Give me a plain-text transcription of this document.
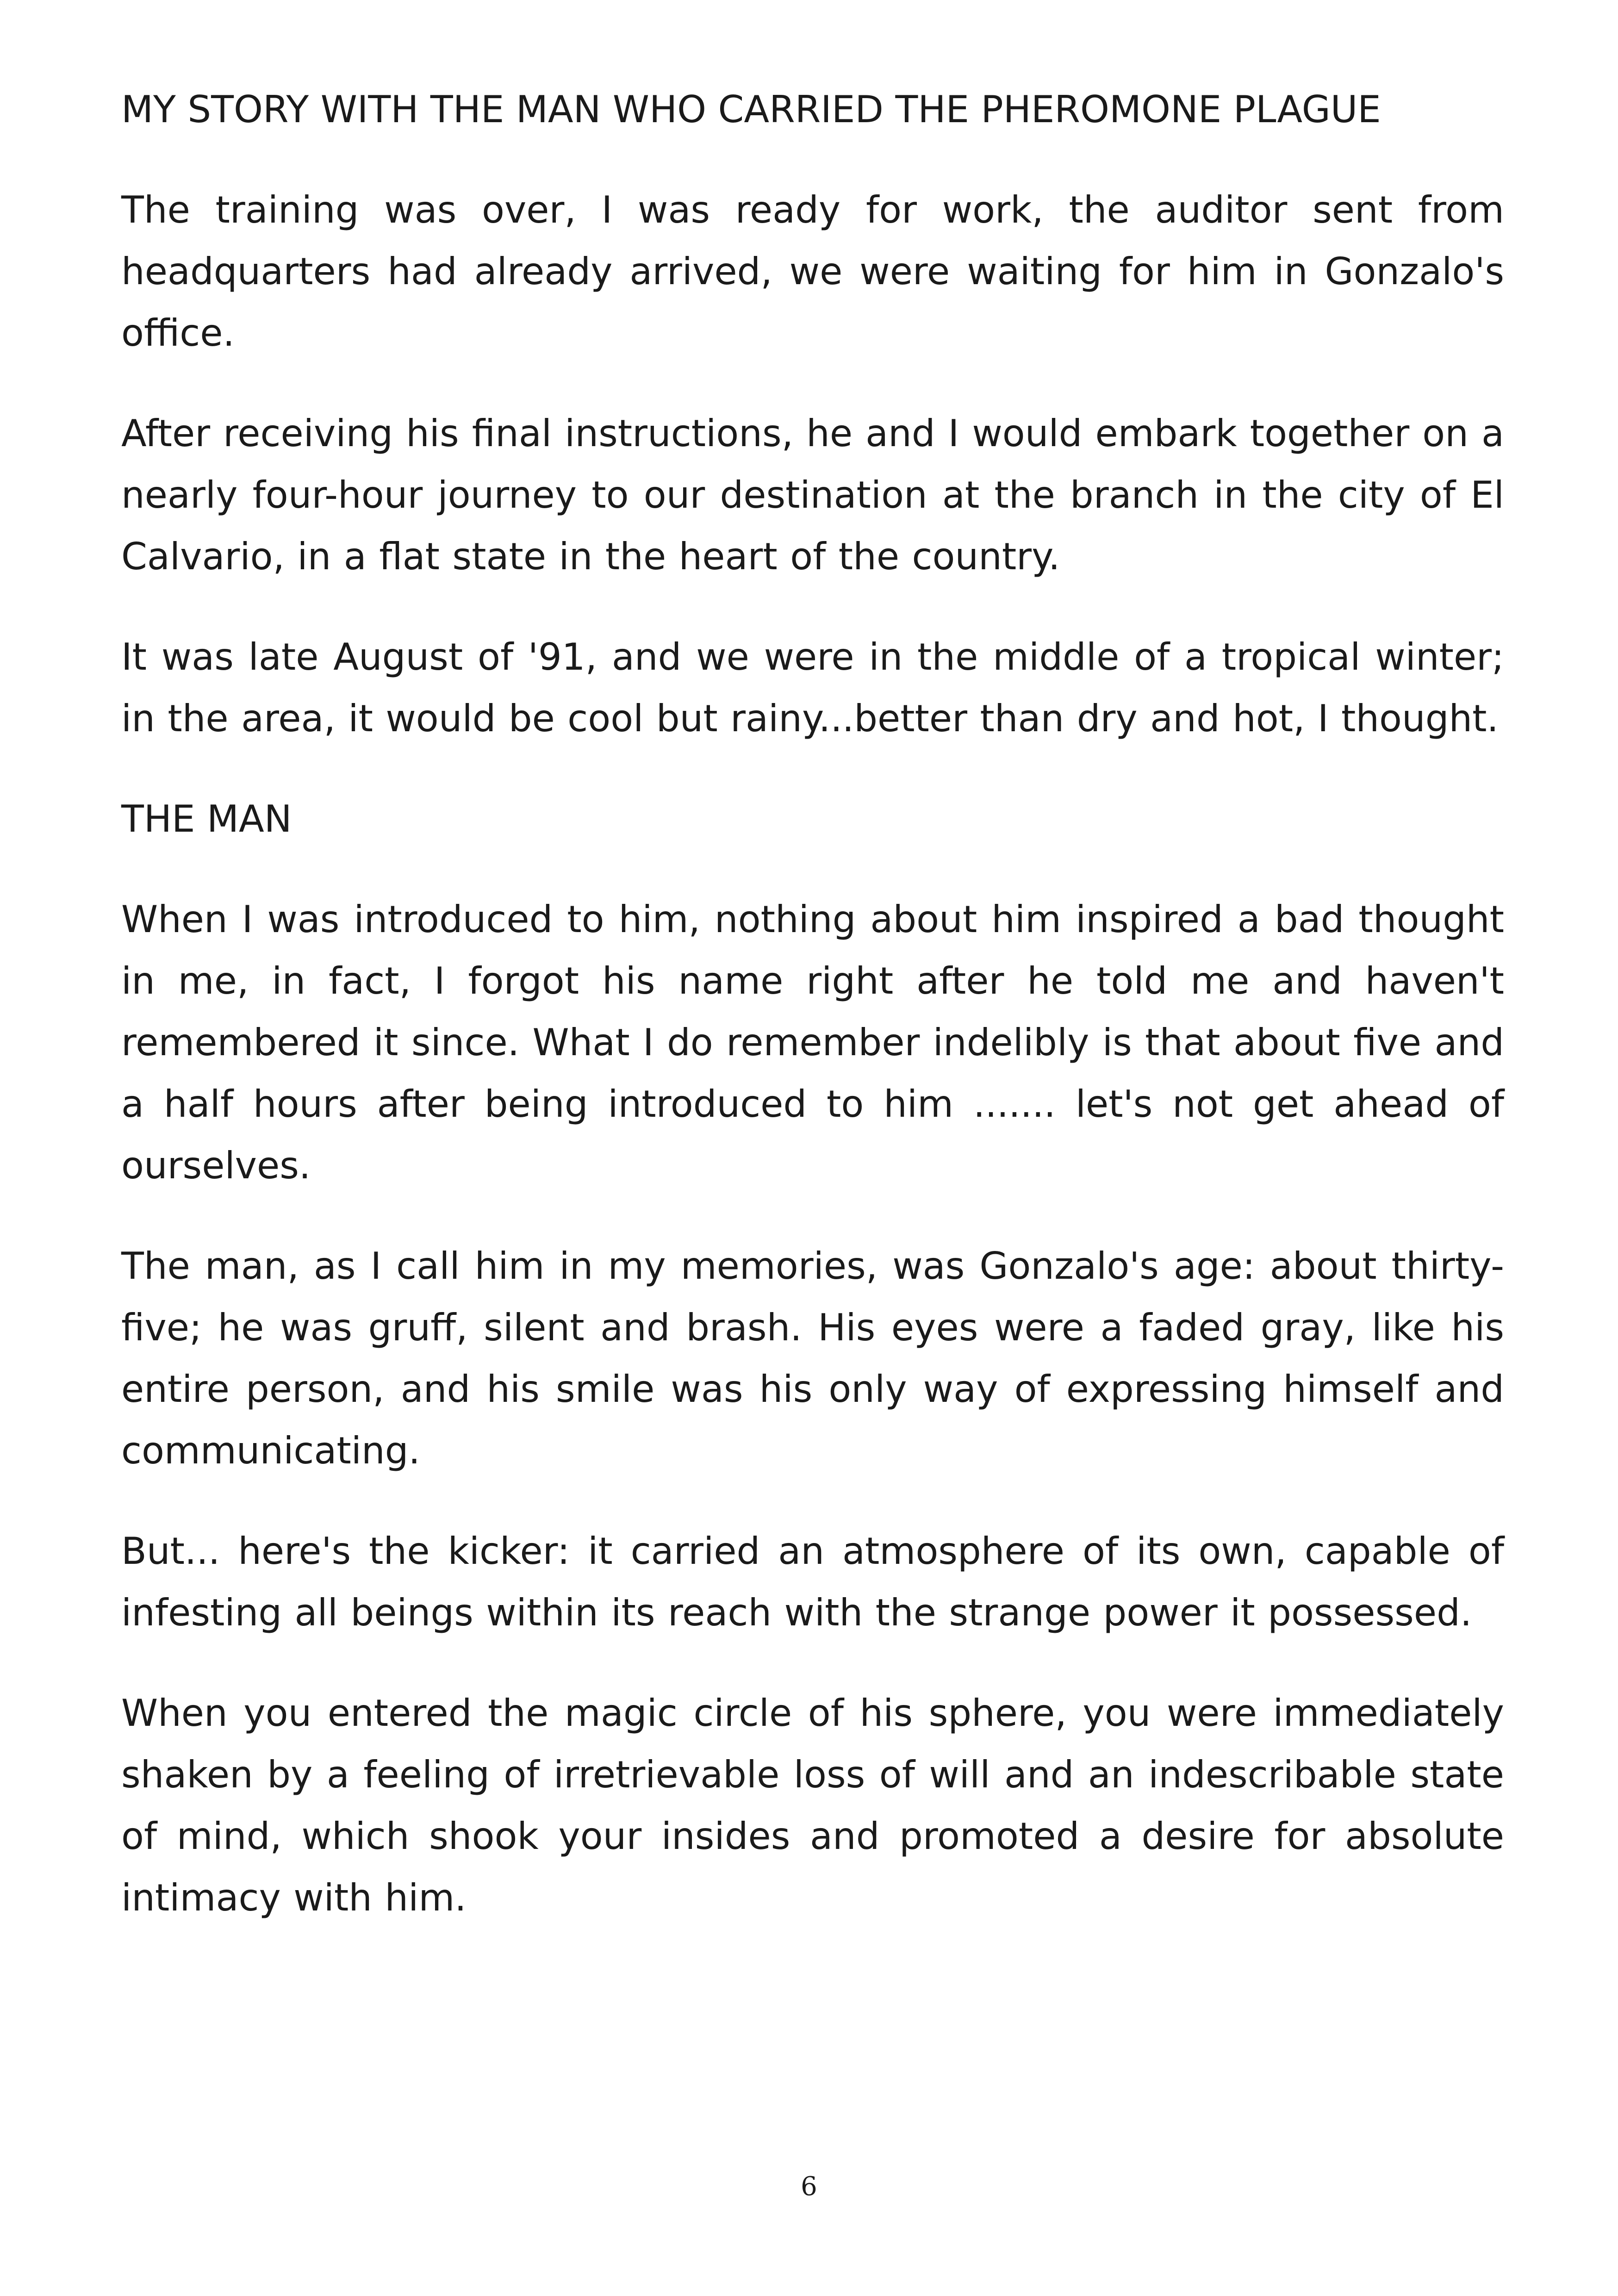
MY STORY WITH THE MAN WHO CARRIED THE PHEROMONE PLAGUE

The training was over, I was ready for work, the auditor sent from headquarters had already arrived, we were waiting for him in Gonzalo's office.

After receiving his final instructions, he and I would embark together on a nearly four-hour journey to our destination at the branch in the city of El Calvario, in a flat state in the heart of the country.

It was late August of '91, and we were in the middle of a tropical winter; in the area, it would be cool but rainy...better than dry and hot, I thought.

THE MAN

When I was introduced to him, nothing about him inspired a bad thought in me, in fact, I forgot his name right after he told me and haven't remembered it since. What I do remember indelibly is that about five and a half hours after being introduced to him ....... let's not get ahead of ourselves.

The man, as I call him in my memories, was Gonzalo's age: about thirty-five; he was gruff, silent and brash. His eyes were a faded gray, like his entire person, and his smile was his only way of expressing himself and communicating.

But... here's the kicker: it carried an atmosphere of its own, capable of infesting all beings within its reach with the strange power it possessed.

When you entered the magic circle of his sphere, you were immediately shaken by a feeling of irretrievable loss of will and an indescribable state of mind, which shook your insides and promoted a desire for absolute intimacy with him.

6
